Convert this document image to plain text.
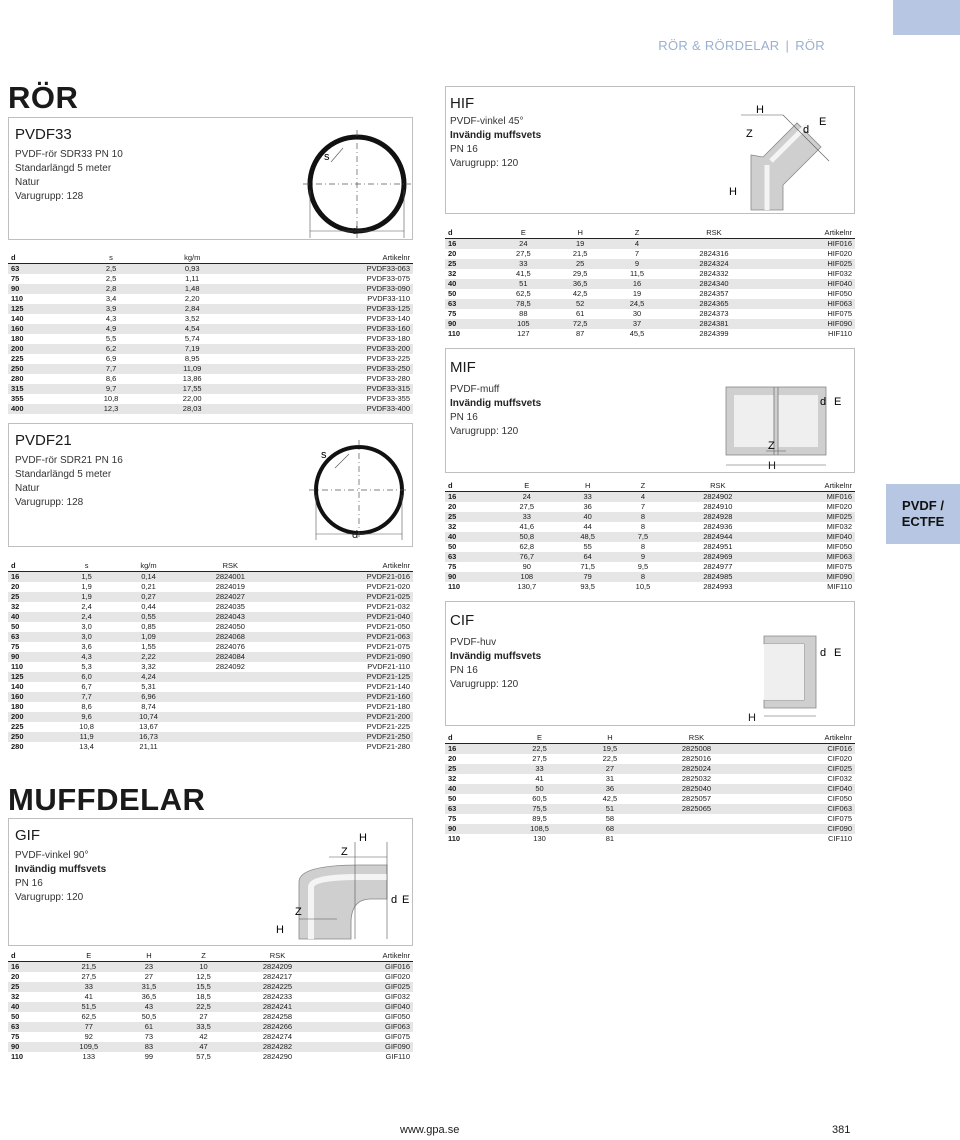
RÖR & RÖRDELAR | RÖR
PVDF / ECTFE
RÖR
PVDF33
PVDF-rör SDR33 PN 10
Standarlängd 5 meter
Natur
Varugrupp: 128
s
d
d	s	kg/m	Artikelnr
63	2,5	0,93	PVDF33-063
75	2,5	1,11	PVDF33-075
90	2,8	1,48	PVDF33-090
110	3,4	2,20	PVDF33-110
125	3,9	2,84	PVDF33-125
140	4,3	3,52	PVDF33-140
160	4,9	4,54	PVDF33-160
180	5,5	5,74	PVDF33-180
200	6,2	7,19	PVDF33-200
225	6,9	8,95	PVDF33-225
250	7,7	11,09	PVDF33-250
280	8,6	13,86	PVDF33-280
315	9,7	17,55	PVDF33-315
355	10,8	22,00	PVDF33-355
400	12,3	28,03	PVDF33-400
PVDF21
PVDF-rör SDR21 PN 16
Standarlängd 5 meter
Natur
Varugrupp: 128
s
d
d	s	kg/m	RSK	Artikelnr
16	1,5	0,14	2824001	PVDF21-016
20	1,9	0,21	2824019	PVDF21-020
25	1,9	0,27	2824027	PVDF21-025
32	2,4	0,44	2824035	PVDF21-032
40	2,4	0,55	2824043	PVDF21-040
50	3,0	0,85	2824050	PVDF21-050
63	3,0	1,09	2824068	PVDF21-063
75	3,6	1,55	2824076	PVDF21-075
90	4,3	2,22	2824084	PVDF21-090
110	5,3	3,32	2824092	PVDF21-110
125	6,0	4,24		PVDF21-125
140	6,7	5,31		PVDF21-140
160	7,7	6,96		PVDF21-160
180	8,6	8,74		PVDF21-180
200	9,6	10,74		PVDF21-200
225	10,8	13,67		PVDF21-225
250	11,9	16,73		PVDF21-250
280	13,4	21,11		PVDF21-280
MUFFDELAR
GIF
PVDF-vinkel 90°
Invändig muffsvets
PN 16
Varugrupp: 120
H
Z
H
Z
d E
d	E	H	Z	RSK	Artikelnr
16	21,5	23	10	2824209	GIF016
20	27,5	27	12,5	2824217	GIF020
25	33	31,5	15,5	2824225	GIF025
32	41	36,5	18,5	2824233	GIF032
40	51,5	43	22,5	2824241	GIF040
50	62,5	50,5	27	2824258	GIF050
63	77	61	33,5	2824266	GIF063
75	92	73	42	2824274	GIF075
90	109,5	83	47	2824282	GIF090
110	133	99	57,5	2824290	GIF110
HIF
PVDF-vinkel 45°
Invändig muffsvets
PN 16
Varugrupp: 120
H
Z	d
E
H
d	E	H	Z	RSK	Artikelnr
16	24	19	4		HIF016
20	27,5	21,5	7	2824316	HIF020
25	33	25	9	2824324	HIF025
32	41,5	29,5	11,5	2824332	HIF032
40	51	36,5	16	2824340	HIF040
50	62,5	42,5	19	2824357	HIF050
63	78,5	52	24,5	2824365	HIF063
75	88	61	30	2824373	HIF075
90	105	72,5	37	2824381	HIF090
110	127	87	45,5	2824399	HIF110
MIF
PVDF-muff
Invändig muffsvets
PN 16
Varugrupp: 120
Z
d E
H
d	E	H	Z	RSK	Artikelnr
16	24	33	4	2824902	MIF016
20	27,5	36	7	2824910	MIF020
25	33	40	8	2824928	MIF025
32	41,6	44	8	2824936	MIF032
40	50,8	48,5	7,5	2824944	MIF040
50	62,8	55	8	2824951	MIF050
63	76,7	64	9	2824969	MIF063
75	90	71,5	9,5	2824977	MIF075
90	108	79	8	2824985	MIF090
110	130,7	93,5	10,5	2824993	MIF110
CIF
PVDF-huv
Invändig muffsvets
PN 16
Varugrupp: 120
d E
H
d	E	H	RSK	Artikelnr
16	22,5	19,5	2825008	CIF016
20	27,5	22,5	2825016	CIF020
25	33	27	2825024	CIF025
32	41	31	2825032	CIF032
40	50	36	2825040	CIF040
50	60,5	42,5	2825057	CIF050
63	75,5	51	2825065	CIF063
75	89,5	58		CIF075
90	108,5	68		CIF090
110	130	81		CIF110
www.gpa.se	381
